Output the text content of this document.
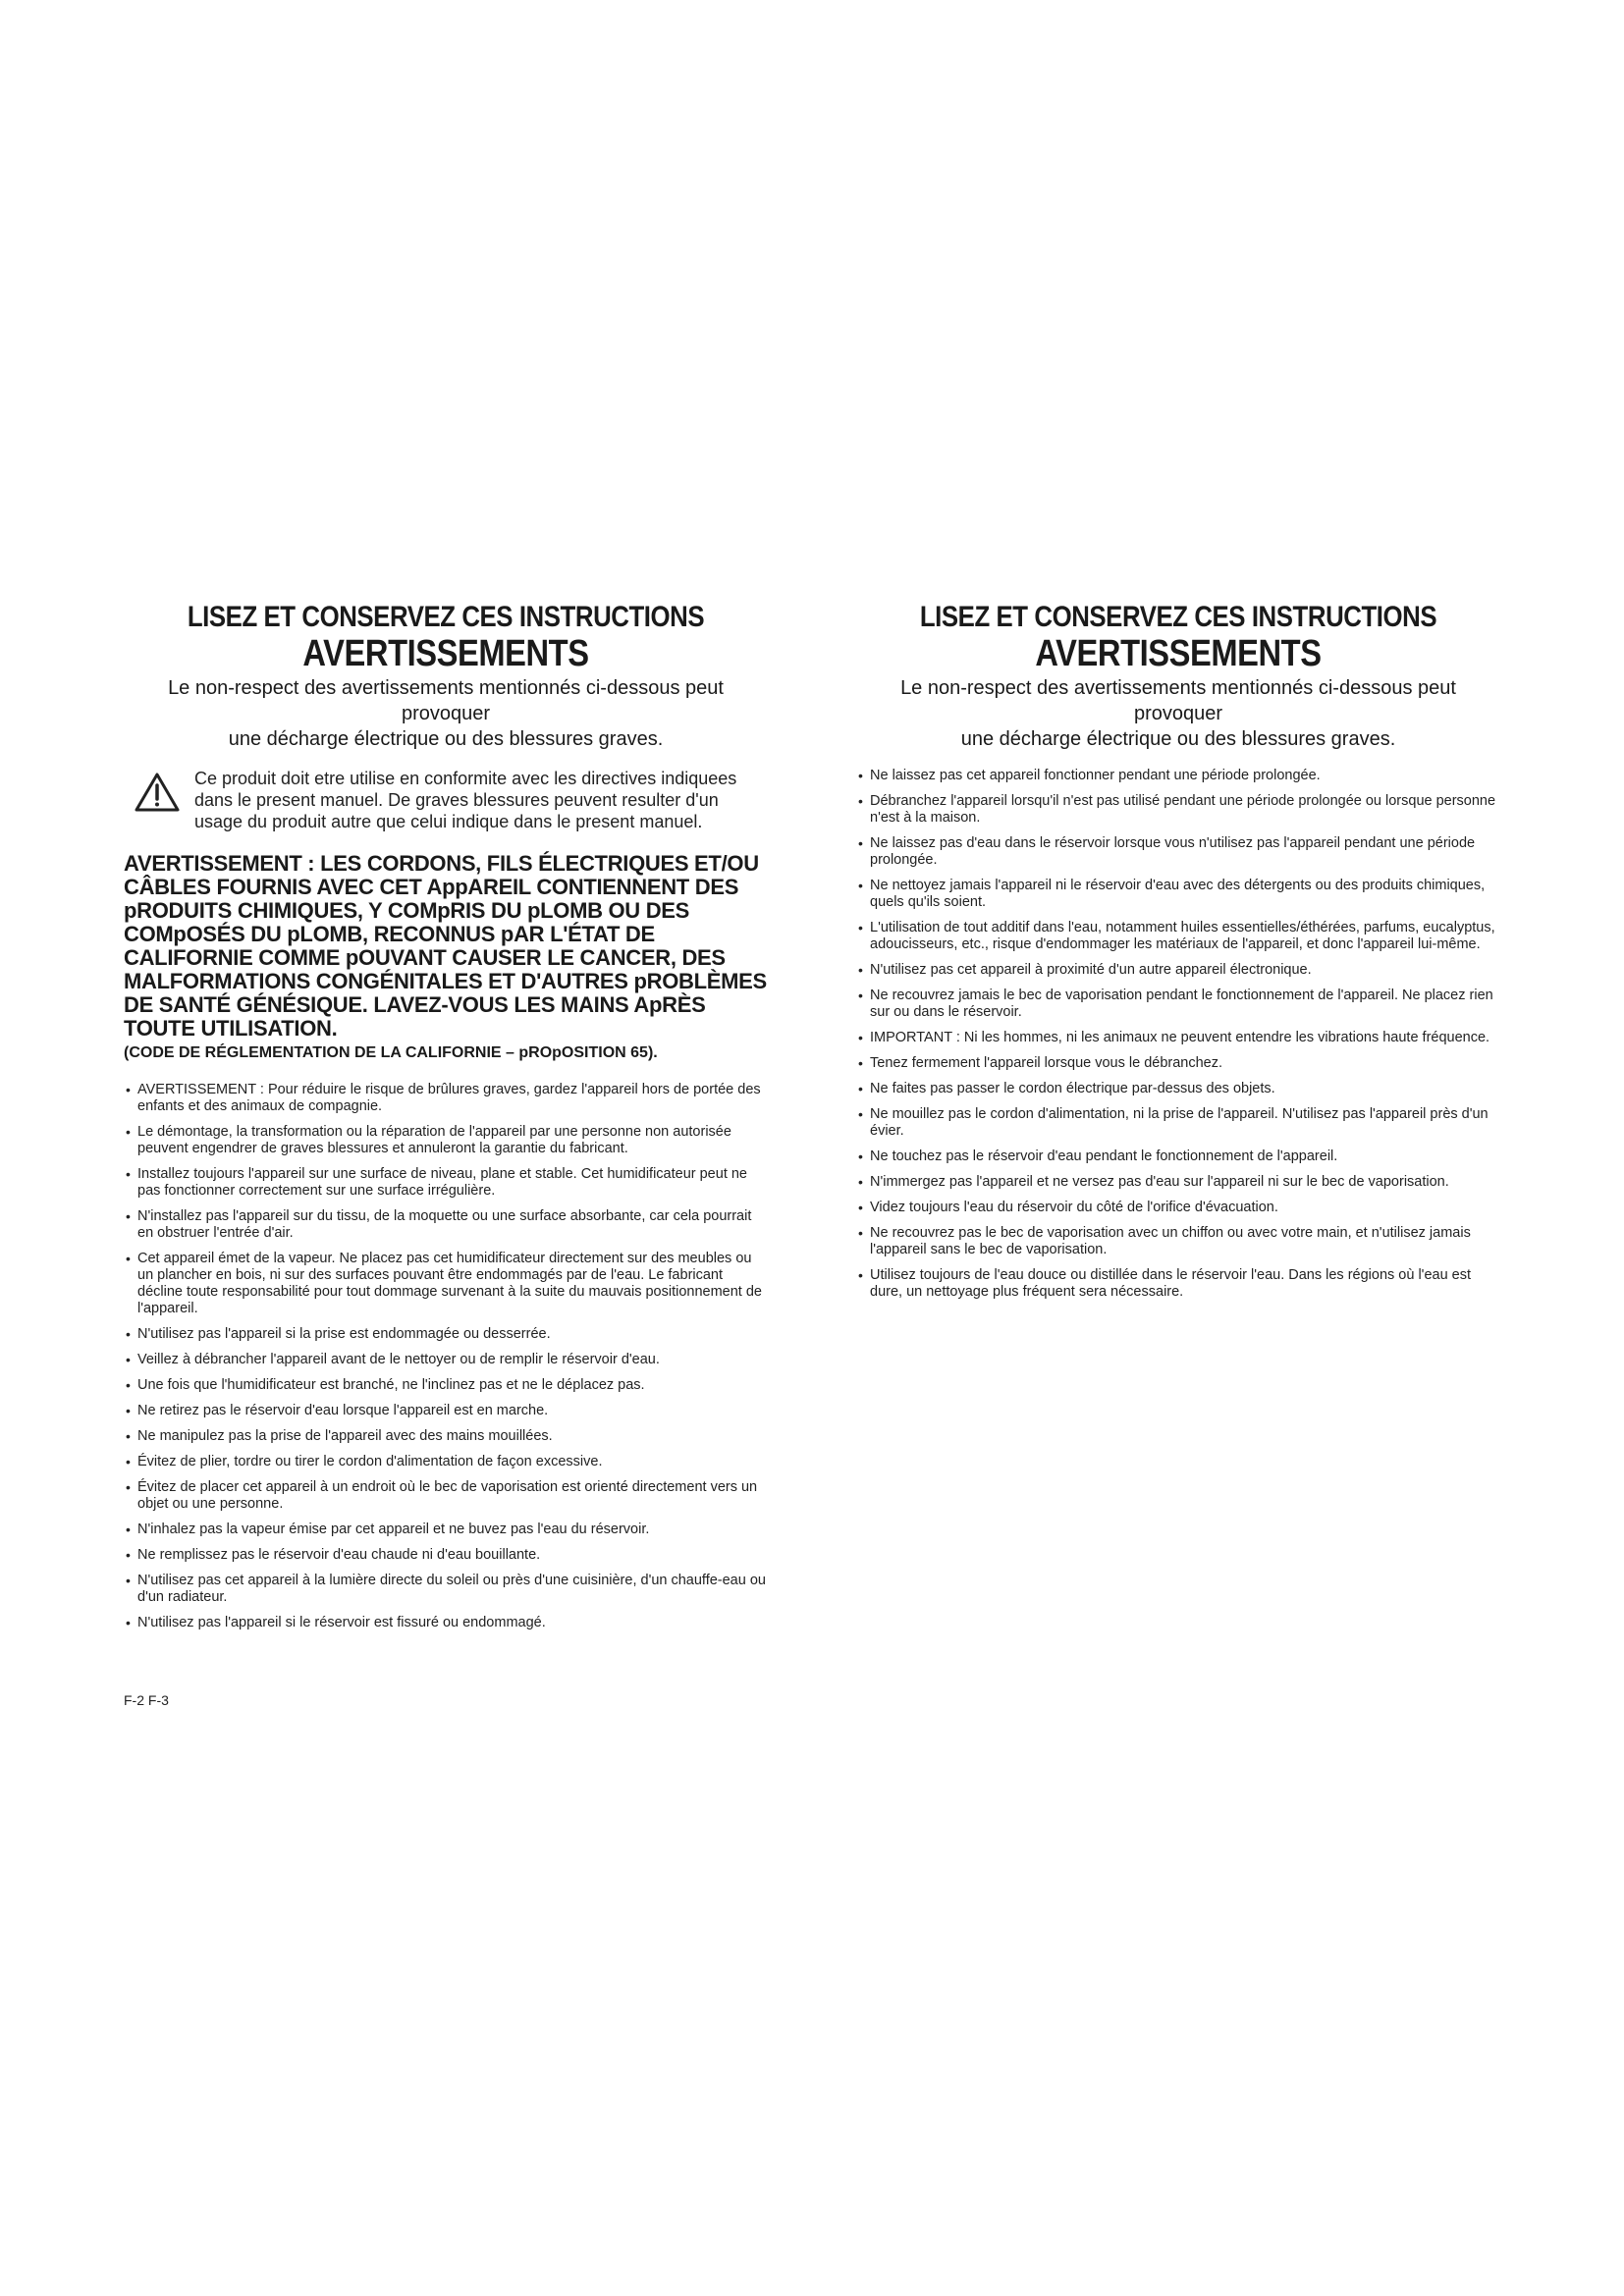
LISEZ ET CONSERVEZ CES INSTRUCTIONS
AVERTISSEMENTS
Le non-respect des avertissements mentionnés ci-dessous peut provoquer
une décharge électrique ou des blessures graves.
Ce produit doit etre utilise en conformite avec les directives indiquees dans le present manuel. De graves blessures peuvent resulter d'un usage du produit autre que celui indique dans le present manuel.
AVERTISSEMENT : LES CORDONS, FILS ÉLECTRIQUES ET/OU CÂBLES FOURNIS AVEC CET AppAREIL CONTIENNENT DES pRODUITS CHIMIQUES, Y COMpRIS DU pLOMB OU DES COMpOSÉS DU pLOMB, RECONNUS pAR L'ÉTAT DE CALIFORNIE COMME pOUVANT CAUSER LE CANCER, DES MALFORMATIONS CONGÉNITALES ET D'AUTRES pROBLÈMES DE SANTÉ GÉNÉSIQUE. LAVEZ-VOUS LES MAINS ApRÈS TOUTE UTILISATION.
(CODE DE RÉGLEMENTATION DE LA CALIFORNIE – pROpOSITION 65).
• AVERTISSEMENT : Pour réduire le risque de brûlures graves, gardez l'appareil hors de portée des enfants et des animaux de compagnie.
• Le démontage, la transformation ou la réparation de l'appareil par une personne non autorisée peuvent engendrer de graves blessures et annuleront la garantie du fabricant.
• Installez toujours l'appareil sur une surface de niveau, plane et stable. Cet humidificateur peut ne pas fonctionner correctement sur une surface irrégulière.
• N'installez pas l'appareil sur du tissu, de la moquette ou une surface absorbante, car cela pourrait en obstruer l'entrée d'air.
• Cet appareil émet de la vapeur. Ne placez pas cet humidificateur directement sur des meubles ou un plancher en bois, ni sur des surfaces pouvant être endommagés par de l'eau. Le fabricant décline toute responsabilité pour tout dommage survenant à la suite du mauvais positionnement de l'appareil.
• N'utilisez pas l'appareil si la prise est endommagée ou desserrée.
• Veillez à débrancher l'appareil avant de le nettoyer ou de remplir le réservoir d'eau.
• Une fois que l'humidificateur est branché, ne l'inclinez pas et ne le déplacez pas.
• Ne retirez pas le réservoir d'eau lorsque l'appareil est en marche.
• Ne manipulez pas la prise de l'appareil avec des mains mouillées.
• Évitez de plier, tordre ou tirer le cordon d'alimentation de façon excessive.
• Évitez de placer cet appareil à un endroit où le bec de vaporisation est orienté directement vers un objet ou une personne.
• N'inhalez pas la vapeur émise par cet appareil et ne buvez pas l'eau du réservoir.
• Ne remplissez pas le réservoir d'eau chaude ni d'eau bouillante.
• N'utilisez pas cet appareil à la lumière directe du soleil ou près d'une cuisinière, d'un chauffe-eau ou d'un radiateur.
• N'utilisez pas l'appareil si le réservoir est fissuré ou endommagé.
LISEZ ET CONSERVEZ CES INSTRUCTIONS
AVERTISSEMENTS
Le non-respect des avertissements mentionnés ci-dessous peut provoquer
une décharge électrique ou des blessures graves.
• Ne laissez pas cet appareil fonctionner pendant une période prolongée.
• Débranchez l'appareil lorsqu'il n'est pas utilisé pendant une période prolongée ou lorsque personne n'est à la maison.
• Ne laissez pas d'eau dans le réservoir lorsque vous n'utilisez pas l'appareil pendant une période prolongée.
• Ne nettoyez jamais l'appareil ni le réservoir d'eau avec des détergents ou des produits chimiques, quels qu'ils soient.
• L'utilisation de tout additif dans l'eau, notamment huiles essentielles/éthérées, parfums, eucalyptus, adoucisseurs, etc., risque d'endommager les matériaux de l'appareil, et donc l'appareil lui-même.
• N'utilisez pas cet appareil à proximité d'un autre appareil électronique.
• Ne recouvrez jamais le bec de vaporisation pendant le fonctionnement de l'appareil. Ne placez rien sur ou dans le réservoir.
• IMPORTANT : Ni les hommes, ni les animaux ne peuvent entendre les vibrations haute fréquence.
• Tenez fermement l'appareil lorsque vous le débranchez.
• Ne faites pas passer le cordon électrique par-dessus des objets.
• Ne mouillez pas le cordon d'alimentation, ni la prise de l'appareil. N'utilisez pas l'appareil près d'un évier.
• Ne touchez pas le réservoir d'eau pendant le fonctionnement de l'appareil.
• N'immergez pas l'appareil et ne versez pas d'eau sur l'appareil ni sur le bec de vaporisation.
• Videz toujours l'eau du réservoir du côté de l'orifice d'évacuation.
• Ne recouvrez pas le bec de vaporisation avec un chiffon ou avec votre main, et n'utilisez jamais l'appareil sans le bec de vaporisation.
• Utilisez toujours de l'eau douce ou distillée dans le réservoir l'eau. Dans les régions où l'eau est dure, un nettoyage plus fréquent sera nécessaire.
F-2 F-3
